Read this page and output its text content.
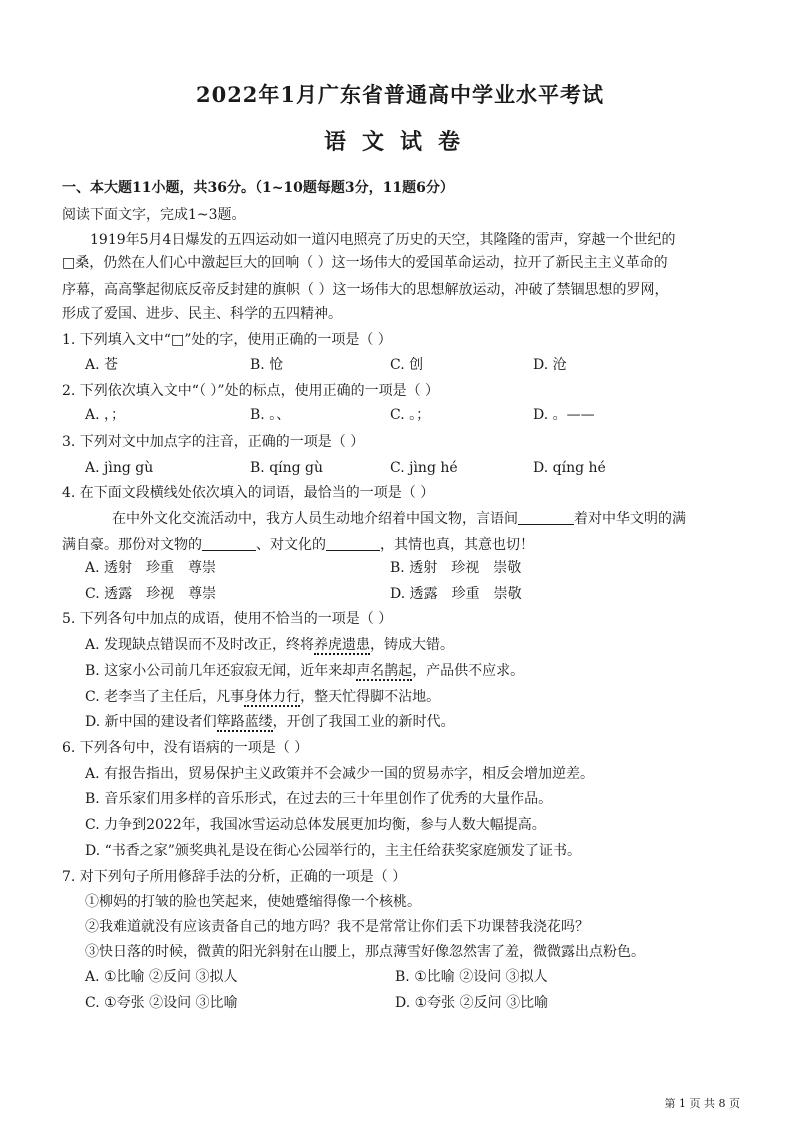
2022年1月广东省普通高中学业水平考试
语文试卷
一、本大题11小题，共36分。（1~10题每题3分，11题6分）
阅读下面文字，完成1~3题。
1919年5月4日爆发的五四运动如一道闪电照亮了历史的天空，其隆隆的雷声，穿越一个世纪的
□桑，仍然在人们心中激起巨大的回响（ ）这一场伟大的爱国革命运动，拉开了新民主主义革命的
序幕，高高擎起彻底反帝反封建的旗帜（ ）这一场伟大的思想解放运动，冲破了禁锢思想的罗网，
形成了爱国、进步、民主、科学的五四精神。
1. 下列填入文中“□”处的字，使用正确的一项是（ ）
A. 苍	B. 怆	C. 创	D. 沧
2. 下列依次填入文中“（ ）”处的标点，使用正确的一项是（ ）
A. ，；	B. 。、	C. 。；	D. 。——
3. 下列对文中加点字的注音，正确的一项是（ ）
A. jìng gù	B. qíng gù	C. jìng hé	D. qíng hé
4. 在下面文段横线处依次填入的词语，最恰当的一项是（ ）
在中外文化交流活动中，我方人员生动地介绍着中国文物，言语间	着对中华文明的满
满自豪。那份对文物的	、对文化的	，其情也真，其意也切！
A. 透射　珍重　尊崇	B. 透射　珍视　崇敬
C. 透露　珍视　尊崇	D. 透露　珍重　崇敬
5. 下列各句中加点的成语，使用不恰当的一项是（ ）
A. 发现缺点错误而不及时改正，终将养虎遗患，铸成大错。
B. 这家小公司前几年还寂寂无闻，近年来却声名鹊起，产品供不应求。
C. 老李当了主任后，凡事身体力行，整天忙得脚不沾地。
D. 新中国的建设者们筚路蓝缕，开创了我国工业的新时代。
6. 下列各句中，没有语病的一项是（ ）
A. 有报告指出，贸易保护主义政策并不会减少一国的贸易赤字，相反会增加逆差。
B. 音乐家们用多样的音乐形式，在过去的三十年里创作了优秀的大量作品。
C. 力争到2022年，我国冰雪运动总体发展更加均衡，参与人数大幅提高。
D. “书香之家”颁奖典礼是设在街心公园举行的，主主任给获奖家庭颁发了证书。
7. 对下列句子所用修辞手法的分析，正确的一项是（ ）
①柳妈的打皱的脸也笑起来，使她蹙缩得像一个核桃。
②我难道就没有应该责备自己的地方吗？我不是常常让你们丢下功课替我浇花吗？
③快日落的时候，微黄的阳光斜射在山腰上，那点薄雪好像忽然害了羞，微微露出点粉色。
A. ①比喻 ②反问 ③拟人	B. ①比喻 ②设问 ③拟人
C. ①夸张 ②设问 ③比喻	D. ①夸张 ②反问 ③比喻
第 1 页 共 8 页
